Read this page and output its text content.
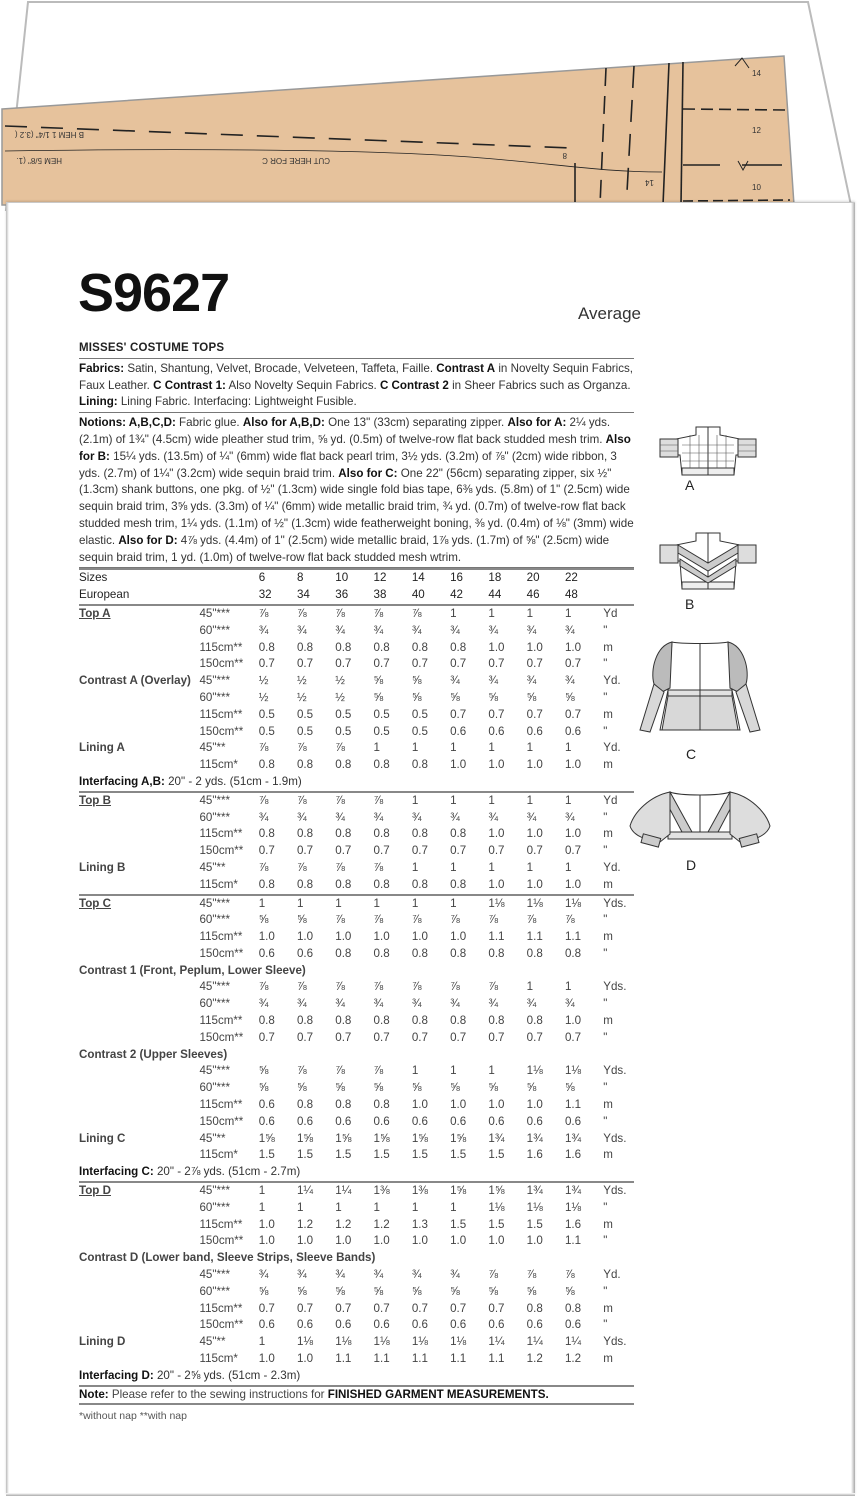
14
12
10
B HEM 1 1/4" (3.2 (
HEM 5/8" (1.	CUT HERE FOR C
8
14
S9627	Average
MISSES' COSTUME TOPS
Fabrics: Satin, Shantung, Velvet, Brocade, Velveteen, Taffeta, Faille. Contrast A in Novelty Sequin Fabrics, Faux Leather. C Contrast 1: Also Novelty Sequin Fabrics. C Contrast 2 in Sheer Fabrics such as Organza.
Lining: Lining Fabric. Interfacing: Lightweight Fusible.
Notions: A,B,C,D: Fabric glue. Also for A,B,D: One 13" (33cm) separating zipper. Also for A: 2¼ yds. (2.1m) of 1¾" (4.5cm) wide pleather stud trim, ⅝ yd. (0.5m) of twelve-row flat back studded mesh trim. Also for B: 15¼ yds. (13.5m) of ¼" (6mm) wide flat back pearl trim, 3½ yds. (3.2m) of ⅞" (2cm) wide ribbon, 3 yds. (2.7m) of 1¼" (3.2cm) wide sequin braid trim. Also for C: One 22" (56cm) separating zipper, six ½" (1.3cm) shank buttons, one pkg. of ½" (1.3cm) wide single fold bias tape, 6⅜ yds. (5.8m) of 1" (2.5cm) wide sequin braid trim, 3⅝ yds. (3.3m) of ¼" (6mm) wide metallic braid trim, ¾ yd. (0.7m) of twelve-row flat back studded mesh trim, 1¼ yds. (1.1m) of ½" (1.3cm) wide featherweight boning, ⅜ yd. (0.4m) of ⅛" (3mm) wide elastic. Also for D: 4⅞ yds. (4.4m) of 1" (2.5cm) wide metallic braid, 1⅞ yds. (1.7m) of ⅝" (2.5cm) wide sequin braid trim, 1 yd. (1.0m) of twelve-row flat back studded mesh wtrim.
Sizes		6	8	10	12	14	16	18	20	22	
European		32	34	36	38	40	42	44	46	48	
Top A	45"***	⅞	⅞	⅞	⅞	⅞	1	1	1	1	Yd
	60"***	¾	¾	¾	¾	¾	¾	¾	¾	¾	"
	115cm**	0.8	0.8	0.8	0.8	0.8	0.8	1.0	1.0	1.0	m
	150cm**	0.7	0.7	0.7	0.7	0.7	0.7	0.7	0.7	0.7	"
Contrast A (Overlay)	45"***	½	½	½	⅝	⅝	¾	¾	¾	¾	Yd.
	60"***	½	½	½	⅝	⅝	⅝	⅝	⅝	⅝	"
	115cm**	0.5	0.5	0.5	0.5	0.5	0.7	0.7	0.7	0.7	m
	150cm**	0.5	0.5	0.5	0.5	0.5	0.6	0.6	0.6	0.6	"
Lining A	45"**	⅞	⅞	⅞	1	1	1	1	1	1	Yd.
	115cm*	0.8	0.8	0.8	0.8	0.8	1.0	1.0	1.0	1.0	m
Interfacing A,B: 20" - 2 yds. (51cm - 1.9m)											
Top B	45"***	⅞	⅞	⅞	⅞	1	1	1	1	1	Yd
	60"***	¾	¾	¾	¾	¾	¾	¾	¾	¾	"
	115cm**	0.8	0.8	0.8	0.8	0.8	0.8	1.0	1.0	1.0	m
	150cm**	0.7	0.7	0.7	0.7	0.7	0.7	0.7	0.7	0.7	"
Lining B	45"**	⅞	⅞	⅞	⅞	1	1	1	1	1	Yd.
	115cm*	0.8	0.8	0.8	0.8	0.8	0.8	1.0	1.0	1.0	m
Top C	45"***	1	1	1	1	1	1	1⅛	1⅛	1⅛	Yds.
	60"***	⅝	⅝	⅞	⅞	⅞	⅞	⅞	⅞	⅞	"
	115cm**	1.0	1.0	1.0	1.0	1.0	1.0	1.1	1.1	1.1	m
	150cm**	0.6	0.6	0.8	0.8	0.8	0.8	0.8	0.8	0.8	"
Contrast 1 (Front, Peplum, Lower Sleeve)											
	45"***	⅞	⅞	⅞	⅞	⅞	⅞	⅞	1	1	Yds.
	60"***	¾	¾	¾	¾	¾	¾	¾	¾	¾	"
	115cm**	0.8	0.8	0.8	0.8	0.8	0.8	0.8	0.8	1.0	m
	150cm**	0.7	0.7	0.7	0.7	0.7	0.7	0.7	0.7	0.7	"
Contrast 2 (Upper Sleeves)											
	45"***	⅝	⅞	⅞	⅞	1	1	1	1⅛	1⅛	Yds.
	60"***	⅝	⅝	⅝	⅝	⅝	⅝	⅝	⅝	⅝	"
	115cm**	0.6	0.8	0.8	0.8	1.0	1.0	1.0	1.0	1.1	m
	150cm**	0.6	0.6	0.6	0.6	0.6	0.6	0.6	0.6	0.6	"
Lining C	45"**	1⅝	1⅝	1⅝	1⅝	1⅝	1⅝	1¾	1¾	1¾	Yds.
	115cm*	1.5	1.5	1.5	1.5	1.5	1.5	1.5	1.6	1.6	m
Interfacing C: 20" - 2⅞ yds. (51cm - 2.7m)											
Top D	45"***	1	1¼	1¼	1⅜	1⅜	1⅝	1⅝	1¾	1¾	Yds.
	60"***	1	1	1	1	1	1	1⅛	1⅛	1⅛	"
	115cm**	1.0	1.2	1.2	1.2	1.3	1.5	1.5	1.5	1.6	m
	150cm**	1.0	1.0	1.0	1.0	1.0	1.0	1.0	1.0	1.1	"
Contrast D (Lower band, Sleeve Strips, Sleeve Bands)											
	45"***	¾	¾	¾	¾	¾	¾	⅞	⅞	⅞	Yd.
	60"***	⅝	⅝	⅝	⅝	⅝	⅝	⅝	⅝	⅝	"
	115cm**	0.7	0.7	0.7	0.7	0.7	0.7	0.7	0.8	0.8	m
	150cm**	0.6	0.6	0.6	0.6	0.6	0.6	0.6	0.6	0.6	"
Lining D	45"**	1	1⅛	1⅛	1⅛	1⅛	1⅛	1¼	1¼	1¼	Yds.
	115cm*	1.0	1.0	1.1	1.1	1.1	1.1	1.1	1.2	1.2	m
Interfacing D: 20" - 2⅝ yds. (51cm - 2.3m)											
Note: Please refer to the sewing instructions for FINISHED GARMENT MEASUREMENTS.											
*without nap **with nap
A
B
C
D
